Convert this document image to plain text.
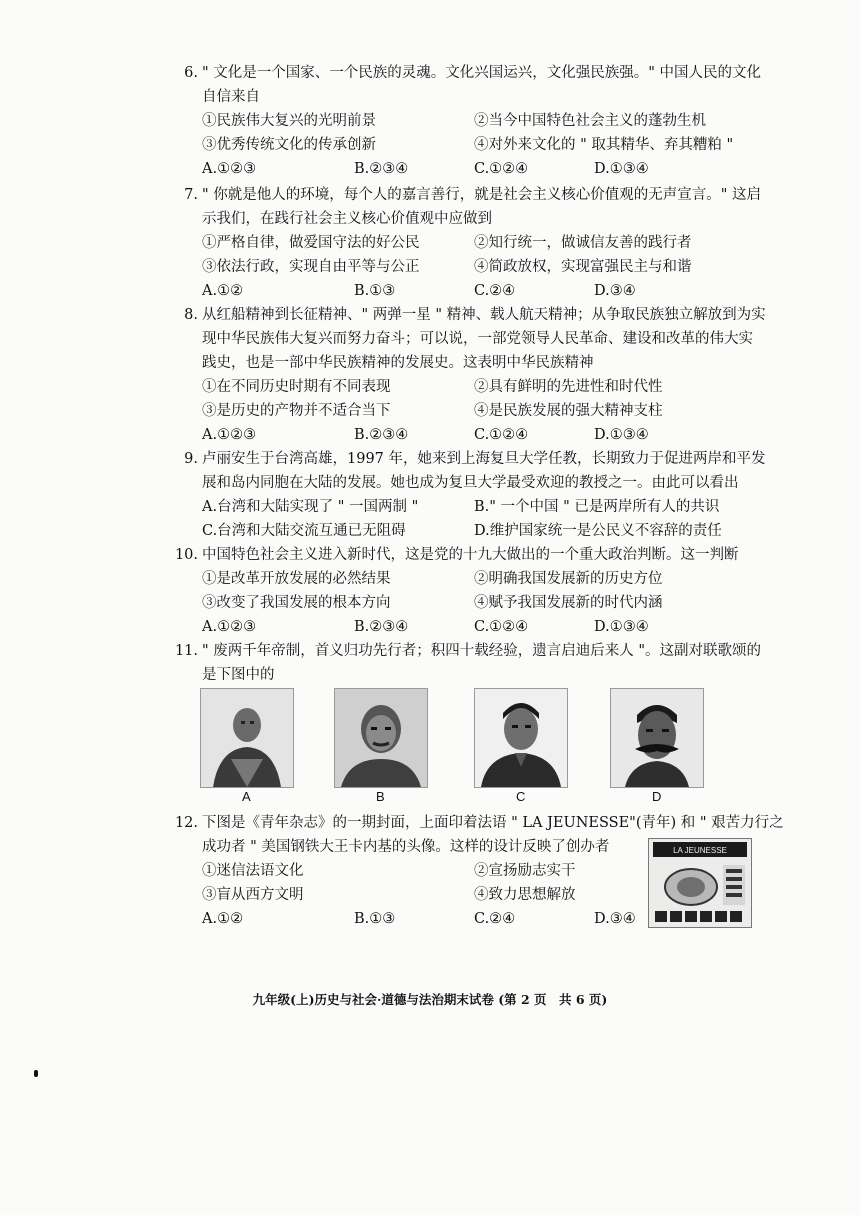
6. " 文化是一个国家、一个民族的灵魂。文化兴国运兴，文化强民族强。" 中国人民的文化
自信来自
①民族伟大复兴的光明前景	②当今中国特色社会主义的蓬勃生机
③优秀传统文化的传承创新	④对外来文化的 " 取其精华、弃其糟粕 "
A.①②③	B.②③④	C.①②④	D.①③④
7. " 你就是他人的环境，每个人的嘉言善行，就是社会主义核心价值观的无声宣言。" 这启
示我们，在践行社会主义核心价值观中应做到
①严格自律，做爱国守法的好公民	②知行统一，做诚信友善的践行者
③依法行政，实现自由平等与公正	④简政放权，实现富强民主与和谐
A.①②	B.①③	C.②④	D.③④
8. 从红船精神到长征精神、" 两弹一星 " 精神、载人航天精神；从争取民族独立解放到为实
现中华民族伟大复兴而努力奋斗；可以说，一部党领导人民革命、建设和改革的伟大实
践史，也是一部中华民族精神的发展史。这表明中华民族精神
①在不同历史时期有不同表现	②具有鲜明的先进性和时代性
③是历史的产物并不适合当下	④是民族发展的强大精神支柱
A.①②③	B.②③④	C.①②④	D.①③④
9. 卢丽安生于台湾高雄，1997 年，她来到上海复旦大学任教，长期致力于促进两岸和平发
展和岛内同胞在大陆的发展。她也成为复旦大学最受欢迎的教授之一。由此可以看出
A.台湾和大陆实现了 " 一国两制 "	B." 一个中国 " 已是两岸所有人的共识
C.台湾和大陆交流互通已无阻碍	D.维护国家统一是公民义不容辞的责任
10. 中国特色社会主义进入新时代，这是党的十九大做出的一个重大政治判断。这一判断
①是改革开放发展的必然结果	②明确我国发展新的历史方位
③改变了我国发展的根本方向	④赋予我国发展新的时代内涵
A.①②③	B.②③④	C.①②④	D.①③④
11. " 废两千年帝制，首义归功先行者；积四十载经验，遗言启迪后来人 "。这副对联歌颂的
是下图中的
A	B	C	D
12. 下图是《青年杂志》的一期封面，上面印着法语 " LA JEUNESSE"(青年) 和 " 艰苦力行之
成功者 " 美国钢铁大王卡内基的头像。这样的设计反映了创办者
①迷信法语文化	②宣扬励志实干
③盲从西方文明	④致力思想解放
A.①②	B.①③	C.②④	D.③④
LA JEUNESSE
九年级(上)历史与社会·道德与法治期末试卷 (第 2 页　共 6 页)
